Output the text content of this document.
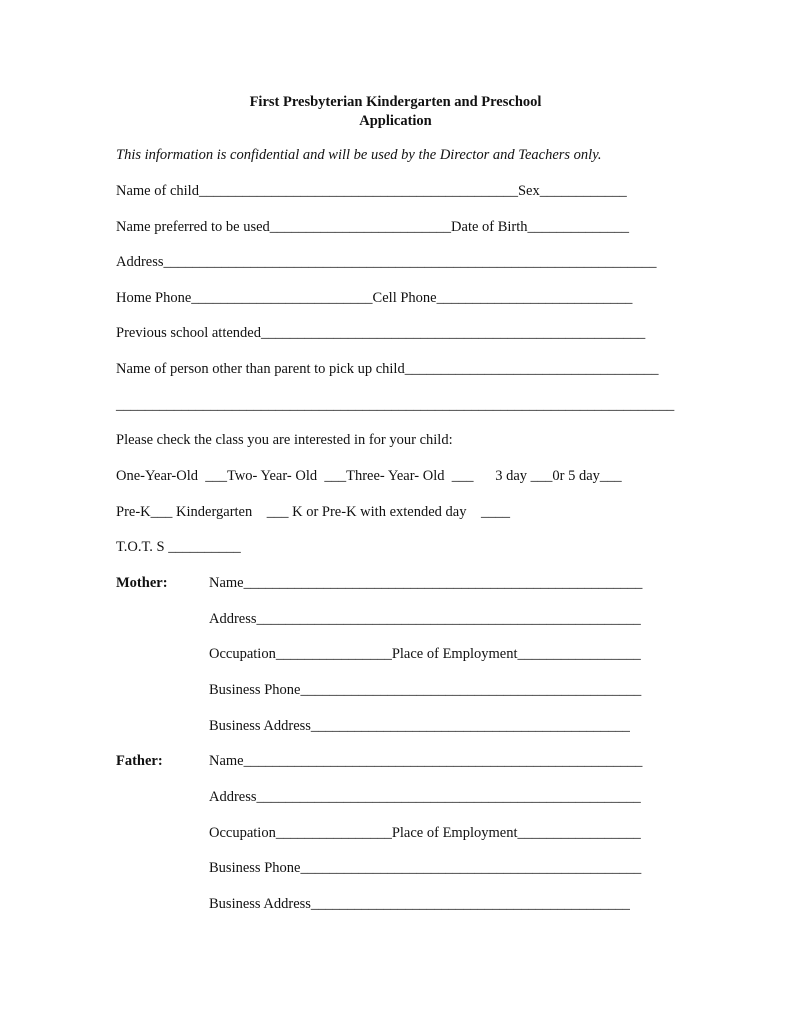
First Presbyterian Kindergarten and Preschool
Application
This information is confidential and will be used by the Director and Teachers only.
Name of child____________________________________________Sex____________
Name preferred to be used_________________________Date of Birth______________
Address____________________________________________________________________
Home Phone_________________________Cell Phone___________________________
Previous school attended_____________________________________________________
Name of person other than parent to pick up child___________________________________
_____________________________________________________________________________
Please check the class you are interested in for your child:
One-Year-Old  ___Two- Year- Old  ___Three- Year- Old  ___      3 day ___0r 5 day___
Pre-K___ Kindergarten    ___ K or Pre-K with extended day    ____
T.O.T. S __________
Mother:	Name_______________________________________________________
Address_____________________________________________________
Occupation________________Place of Employment_________________
Business Phone_______________________________________________
Business Address____________________________________________
Father:	Name_______________________________________________________
Address_____________________________________________________
Occupation________________Place of Employment_________________
Business Phone_______________________________________________
Business Address____________________________________________
